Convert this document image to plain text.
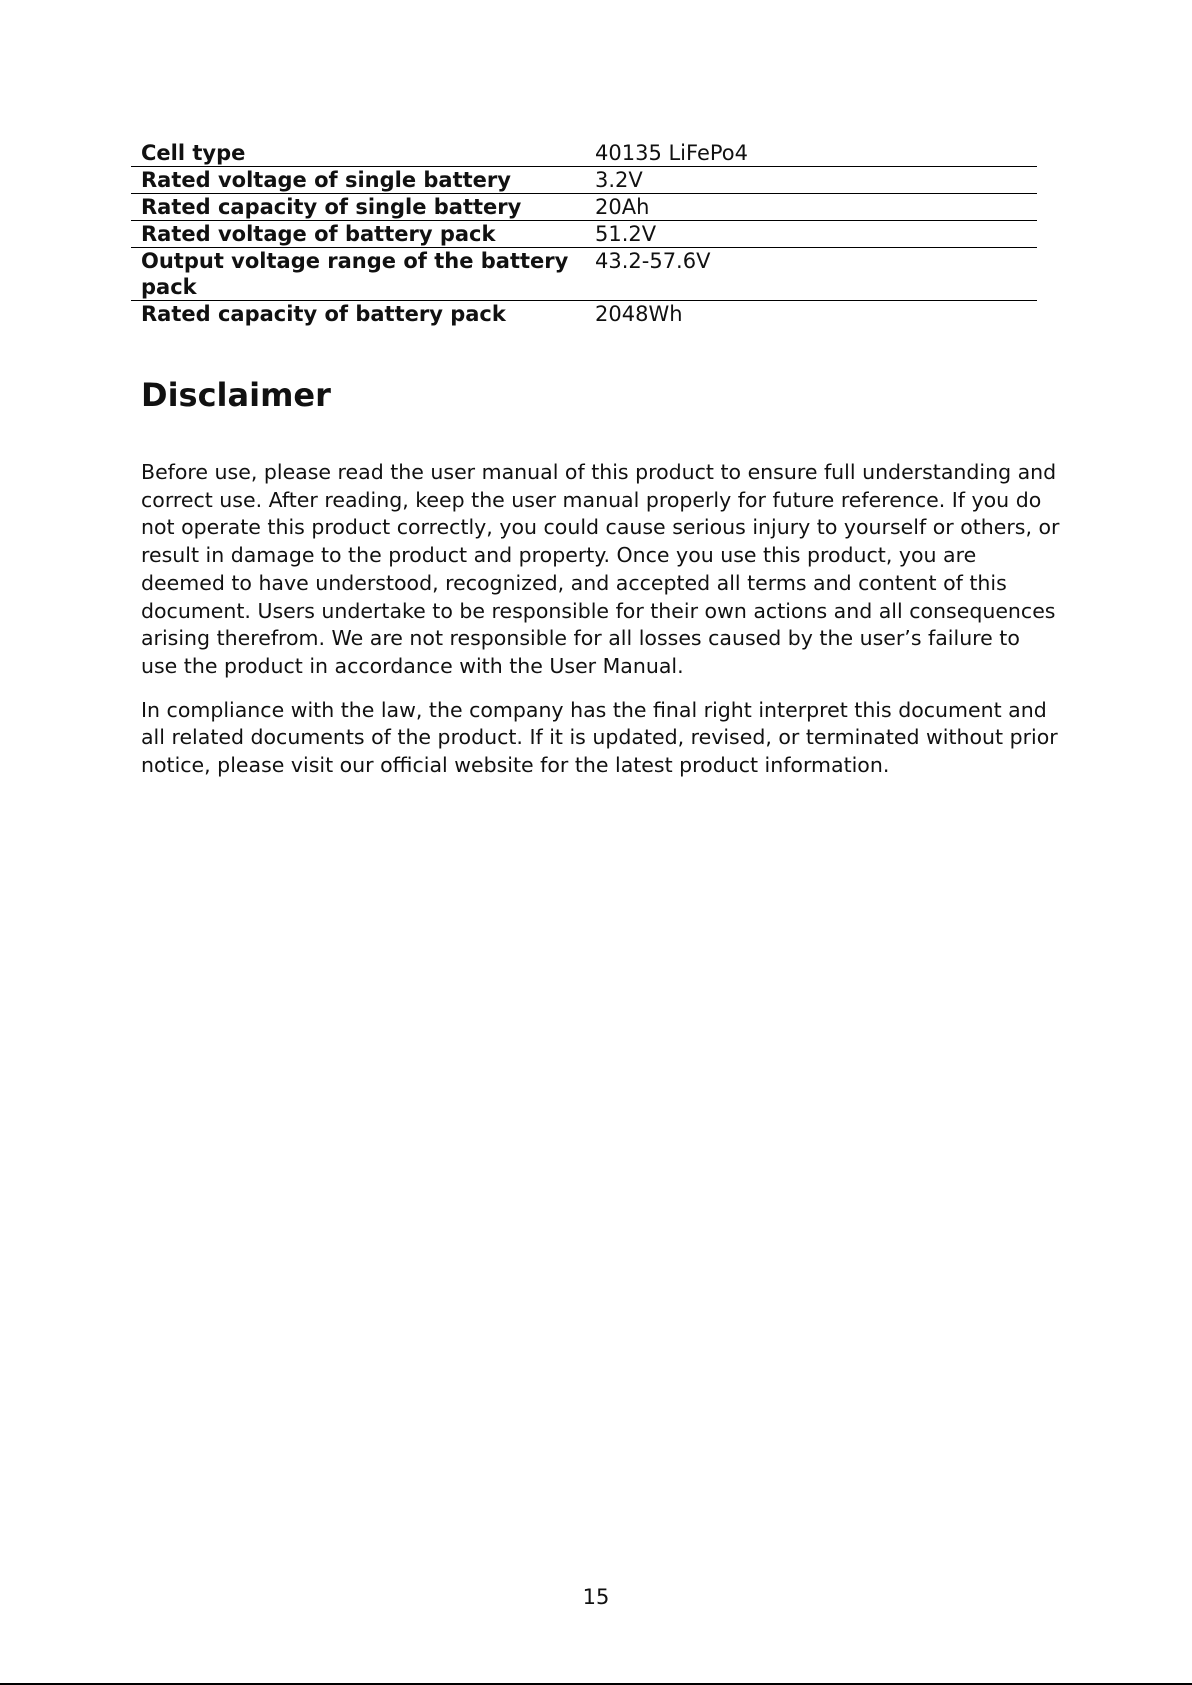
Cell type	40135 LiFePo4
Rated voltage of single battery	3.2V
Rated capacity of single battery	20Ah
Rated voltage of battery pack	51.2V
Output voltage range of the battery pack	43.2-57.6V
Rated capacity of battery pack	2048Wh
Disclaimer

Before use, please read the user manual of this product to ensure full understanding and correct use. After reading, keep the user manual properly for future reference. If you do not operate this product correctly, you could cause serious injury to yourself or others, or result in damage to the product and property. Once you use this product, you are deemed to have understood, recognized, and accepted all terms and content of this document. Users undertake to be responsible for their own actions and all consequences arising therefrom. We are not responsible for all losses caused by the user’s failure to use the product in accordance with the User Manual.

In compliance with the law, the company has the final right interpret this document and all related documents of the product. If it is updated, revised, or terminated without prior notice, please visit our official website for the latest product information.

15
